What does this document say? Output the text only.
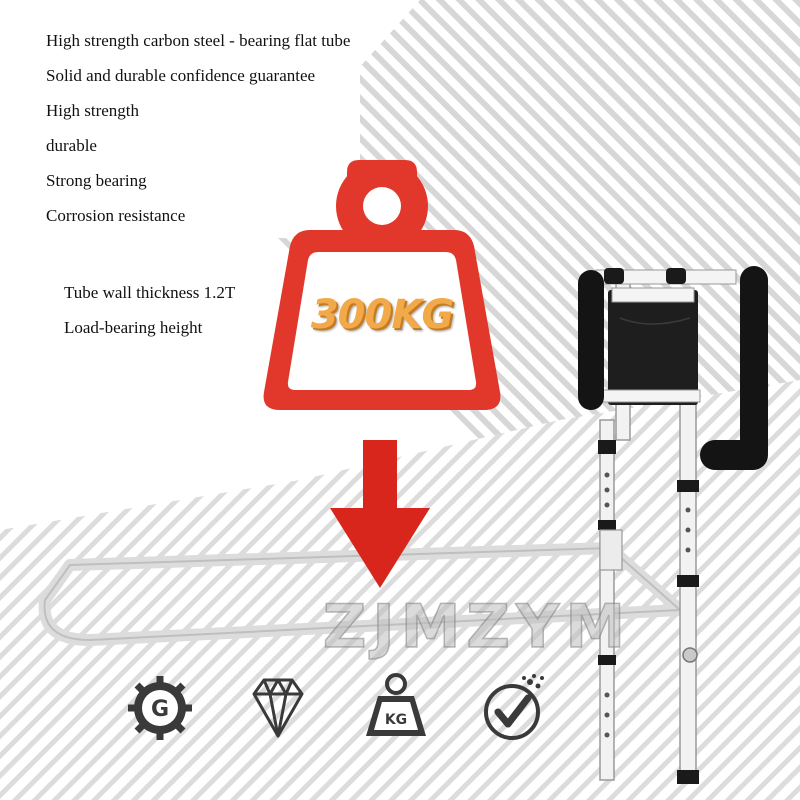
High strength carbon steel - bearing flat tube
Solid and durable confidence guarantee
High strength
durable
Strong bearing
Corrosion resistance
Tube wall thickness 1.2T
Load-bearing height	300KG
ZJMZYM
G	KG
